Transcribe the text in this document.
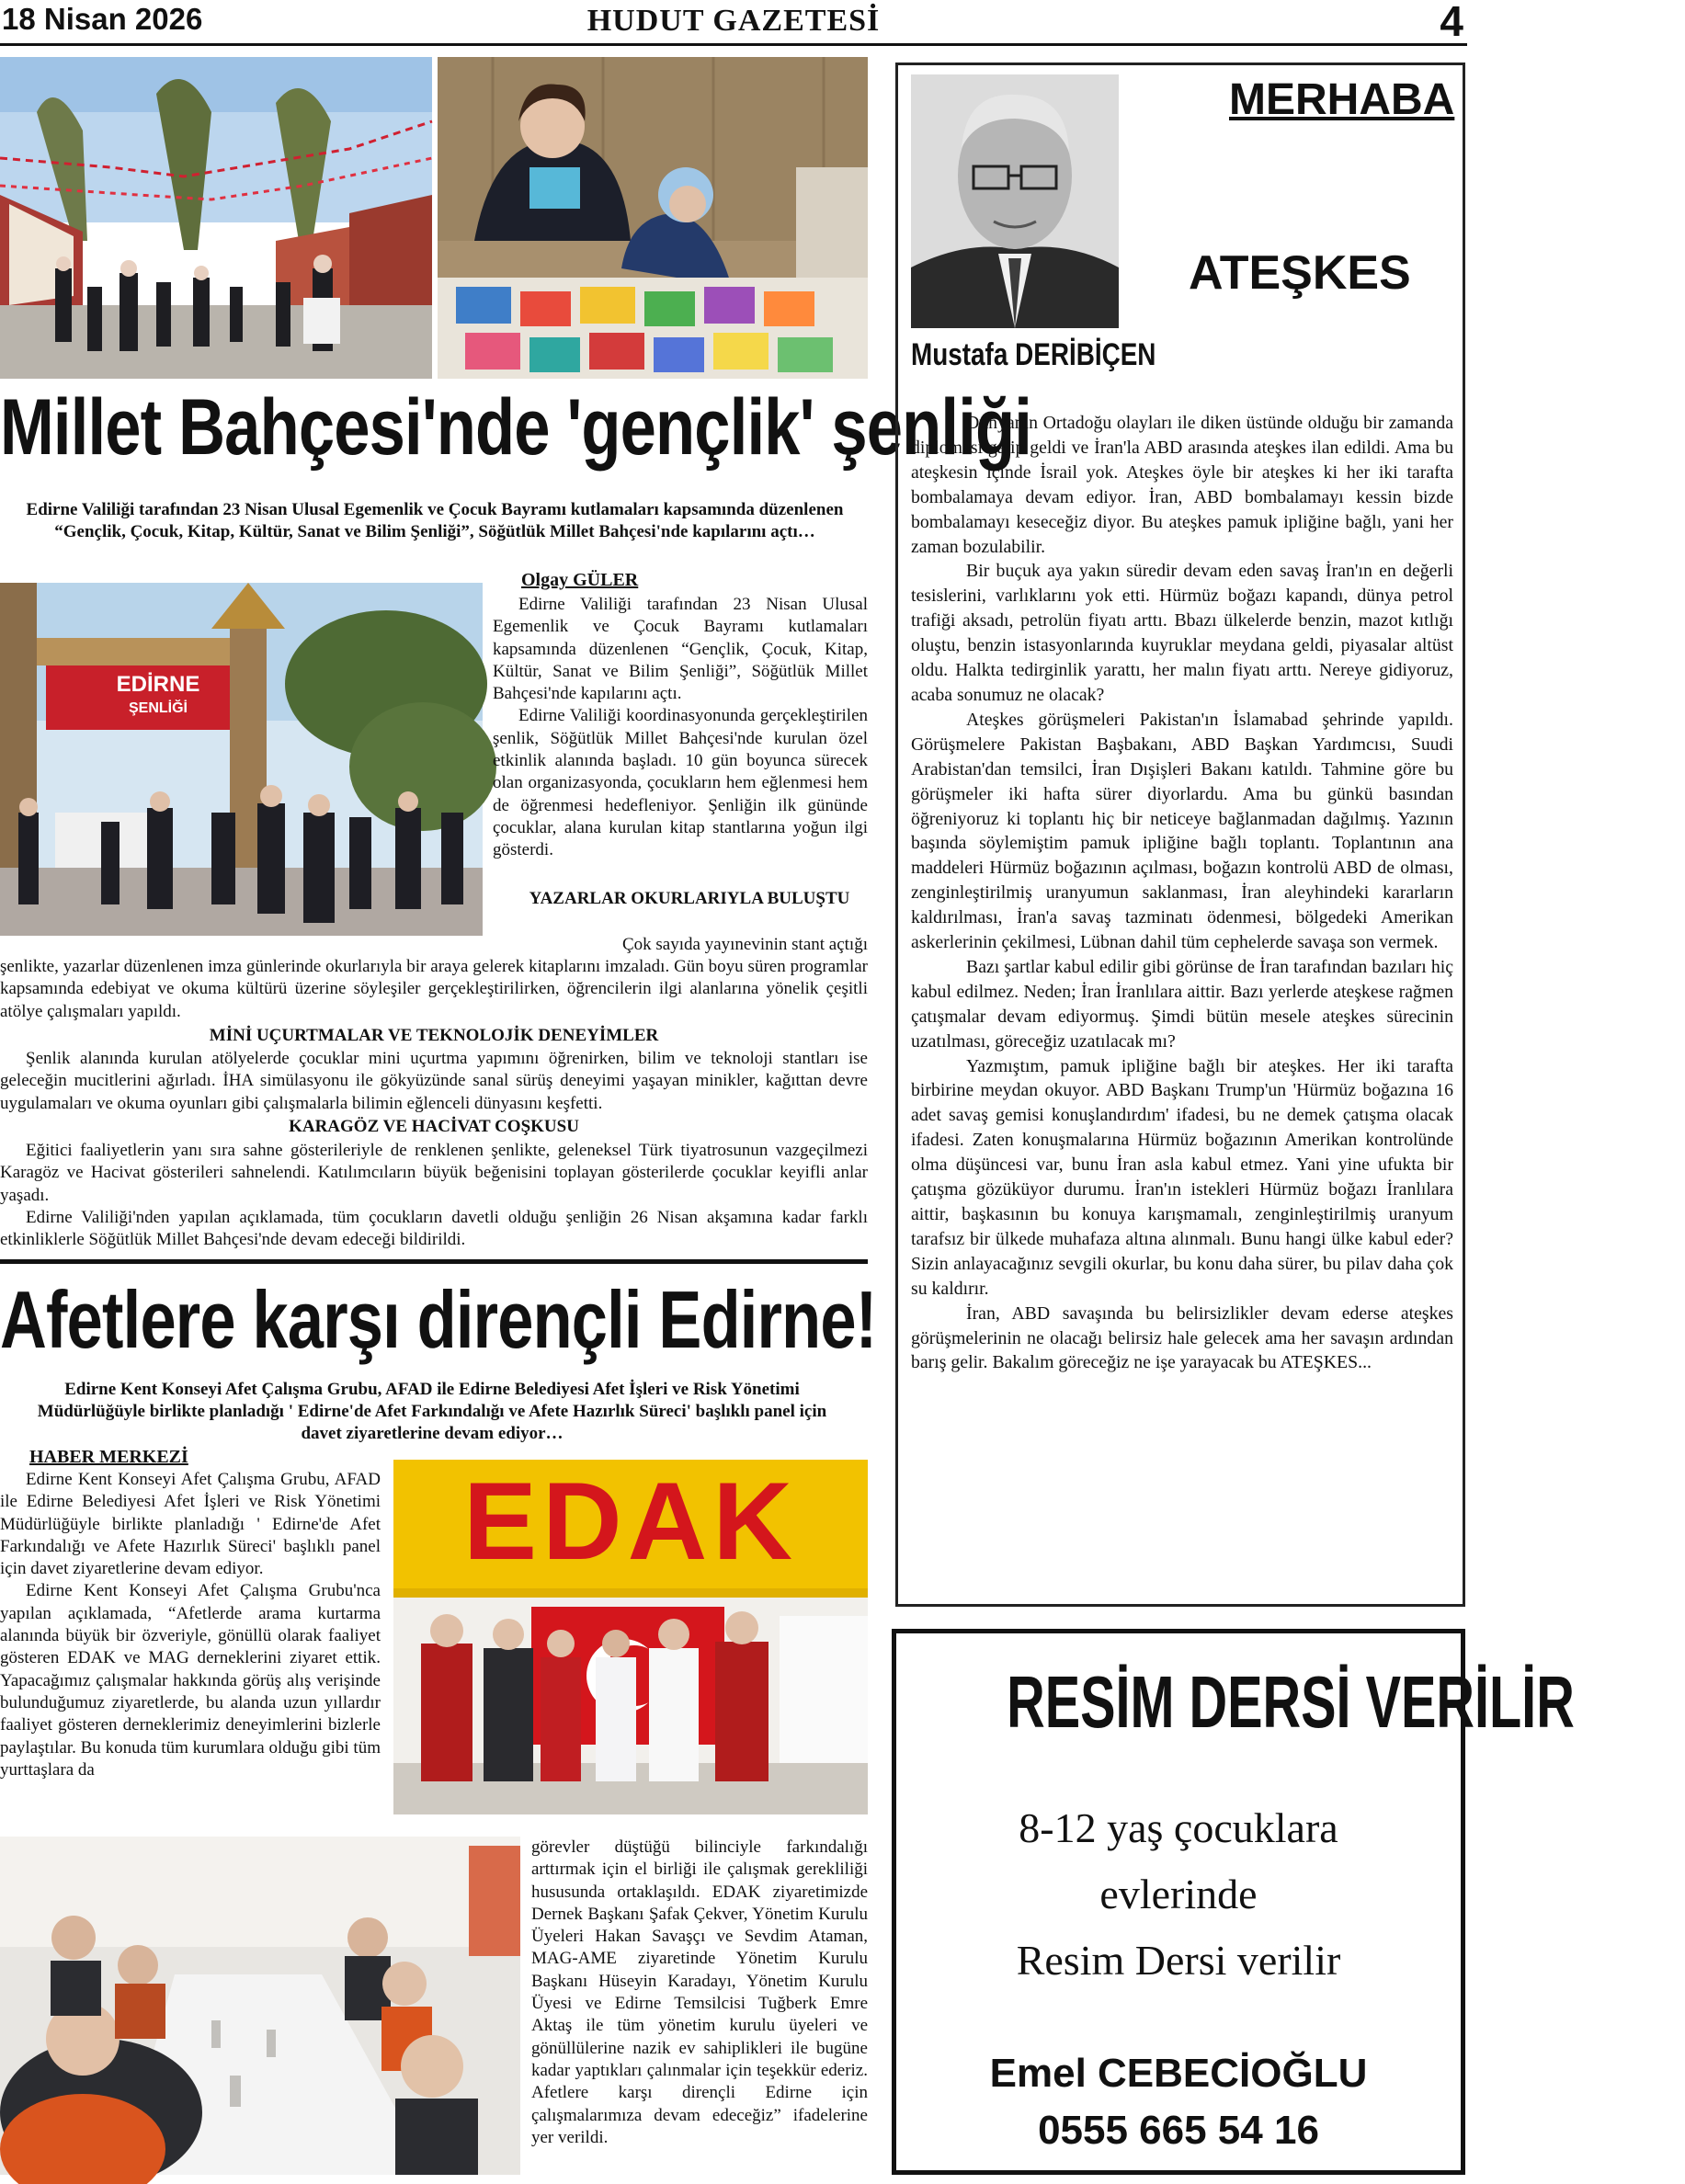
18 Nisan 2026	HUDUT GAZETESİ	4
Millet Bahçesi'nde 'gençlik' şenliği
Edirne Valiliği tarafından 23 Nisan Ulusal Egemenlik ve Çocuk Bayramı kutlamaları kapsamında düzenlenen “Gençlik, Çocuk, Kitap, Kültür, Sanat ve Bilim Şenliği”, Söğütlük Millet Bahçesi'nde kapılarını açtı…
EDİRNE
ŞENLİĞİ
Olgay GÜLER

Edirne Valiliği tarafından 23 Nisan Ulusal Egemenlik ve Çocuk Bayramı kutlamaları kapsamında düzenlenen “Gençlik, Çocuk, Kitap, Kültür, Sanat ve Bilim Şenliği”, Söğütlük Millet Bahçesi'nde kapılarını açtı.

Edirne Valiliği koordinasyonunda gerçekleştirilen şenlik, Söğütlük Millet Bahçesi'nde kurulan özel etkinlik alanında başladı. 10 gün boyunca sürecek olan organizasyonda, çocukların hem eğlenmesi hem de öğrenmesi hedefleniyor. Şenliğin ilk gününde çocuklar, alana kurulan kitap stantlarına yoğun ilgi gösterdi.

YAZARLAR OKURLARIYLA BULUŞTU
Çok sayıda yayınevinin stant açtığı
şenlikte, yazarlar düzenlenen imza günlerinde okurlarıyla bir araya gelerek kitaplarını imzaladı. Gün boyu süren programlar kapsamında edebiyat ve okuma kültürü üzerine söyleşiler gerçekleştirilirken, öğrencilerin ilgi alanlarına yönelik çeşitli atölye çalışmaları yapıldı.
MİNİ UÇURTMALAR VE TEKNOLOJİK DENEYİMLER

Şenlik alanında kurulan atölyelerde çocuklar mini uçurtma yapımını öğrenirken, bilim ve teknoloji stantları ise geleceğin mucitlerini ağırladı. İHA simülasyonu ile gökyüzünde sanal sürüş deneyimi yaşayan minikler, kağıttan devre uygulamaları ve okuma oyunları gibi çalışmalarla bilimin eğlenceli dünyasını keşfetti.

KARAGÖZ VE HACİVAT COŞKUSU

Eğitici faaliyetlerin yanı sıra sahne gösterileriyle de renklenen şenlikte, geleneksel Türk tiyatrosunun vazgeçilmezi Karagöz ve Hacivat gösterileri sahnelendi. Katılımcıların büyük beğenisini toplayan gösterilerde çocuklar keyifli anlar yaşadı.

Edirne Valiliği'nden yapılan açıklamada, tüm çocukların davetli olduğu şenliğin 26 Nisan akşamına kadar farklı etkinliklerle Söğütlük Millet Bahçesi'nde devam edeceği bildirildi.

Afetlere karşı dirençli Edirne!
Edirne Kent Konseyi Afet Çalışma Grubu, AFAD ile Edirne Belediyesi Afet İşleri ve Risk Yönetimi Müdürlüğüyle birlikte planladığı ' Edirne'de Afet Farkındalığı ve Afete Hazırlık Süreci' başlıklı panel için davet ziyaretlerine devam ediyor…
HABER MERKEZİ

Edirne Kent Konseyi Afet Çalışma Grubu, AFAD ile Edirne Belediyesi Afet İşleri ve Risk Yönetimi Müdürlüğüyle birlikte planladığı ' Edirne'de Afet Farkındalığı ve Afete Hazırlık Süreci' başlıklı panel için davet ziyaretlerine devam ediyor.

Edirne Kent Konseyi Afet Çalışma Grubu'nca yapılan açıklamada, “Afetlerde arama kurtarma alanında büyük bir özveriyle, gönüllü olarak faaliyet gösteren EDAK ve MAG derneklerini ziyaret ettik. Yapacağımız çalışmalar hakkında görüş alış verişinde bulunduğumuz ziyaretlerde, bu alanda uzun yıllardır faaliyet gösteren derneklerimiz deneyimlerini bizlerle paylaştılar. Bu konuda tüm kurumlara olduğu gibi tüm yurttaşlara da

EDAK
görevler düştüğü bilinciyle farkındalığı arttırmak için el birliği ile çalışmak gerekliliği hususunda ortaklaşıldı. EDAK ziyaretimizde Dernek Başkanı Şafak Çekver, Yönetim Kurulu Üyeleri Hakan Savaşçı ve Sevdim Ataman, MAG-AME ziyaretinde Yönetim Kurulu Başkanı Hüseyin Karadayı, Yönetim Kurulu Üyesi ve Edirne Temsilcisi Tuğberk Emre Aktaş ile tüm yönetim kurulu üyeleri ve gönüllülerine nazik ev sahiplikleri ile bugüne kadar yaptıkları çalınmalar için teşekkür ederiz. Afetlere karşı dirençli Edirne için çalışmalarımıza devam edeceğiz” ifadelerine yer verildi.
Mustafa DERİBİÇEN
MERHABA
ATEŞKES

Dünyanın Ortadoğu olayları ile diken üstünde olduğu bir zamanda diploması galip geldi ve İran'la ABD arasında ateşkes ilan edildi. Ama bu ateşkesin içinde İsrail yok. Ateşkes öyle bir ateşkes ki her iki tarafta bombalamaya devam ediyor. İran, ABD bombalamayı kessin bizde bombalamayı keseceğiz diyor. Bu ateşkes pamuk ipliğine bağlı, yani her zaman bozulabilir.

Bir buçuk aya yakın süredir devam eden savaş İran'ın en değerli tesislerini, varlıklarını yok etti. Hürmüz boğazı kapandı, dünya petrol trafiği aksadı, petrolün fiyatı arttı. Bbazı ülkelerde benzin, mazot kıtlığı oluştu, benzin istasyonlarında kuyruklar meydana geldi, piyasalar altüst oldu. Halkta tedirginlik yarattı, her malın fiyatı arttı. Nereye gidiyoruz, acaba sonumuz ne olacak?

Ateşkes görüşmeleri Pakistan'ın İslamabad şehrinde yapıldı. Görüşmelere Pakistan Başbakanı, ABD Başkan Yardımcısı, Suudi Arabistan'dan temsilci, İran Dışişleri Bakanı katıldı. Tahmine göre bu görüşmeler iki hafta sürer diyorlardu. Ama bu günkü basından öğreniyoruz ki toplantı hiç bir neticeye bağlanmadan dağılmış. Yazının başında söylemiştim pamuk ipliğine bağlı toplantı. Toplantının ana maddeleri Hürmüz boğazının açılması, boğazın kontrolü ABD de olması, zenginleştirilmiş uranyumun saklanması, İran aleyhindeki kararların kaldırılması, İran'a savaş tazminatı ödenmesi, bölgedeki Amerikan askerlerinin çekilmesi, Lübnan dahil tüm cephelerde savaşa son vermek.

Bazı şartlar kabul edilir gibi görünse de İran tarafından bazıları hiç kabul edilmez. Neden; İran İranlılara aittir. Bazı yerlerde ateşkese rağmen çatışmalar devam ediyormuş. Şimdi bütün mesele ateşkes sürecinin uzatılması, göreceğiz uzatılacak mı?

Yazmıştım, pamuk ipliğine bağlı bir ateşkes. Her iki tarafta birbirine meydan okuyor. ABD Başkanı Trump'un 'Hürmüz boğazına 16 adet savaş gemisi konuşlandırdım' ifadesi, bu ne demek çatışma olacak ifadesi. Zaten konuşmalarına Hürmüz boğazının Amerikan kontrolünde olma düşüncesi var, bunu İran asla kabul etmez. Yani yine ufukta bir çatışma gözüküyor durumu. İran'ın istekleri Hürmüz boğazı İranlılara aittir, başkasının bu konuya karışmamalı, zenginleştirilmiş uranyum tarafsız bir ülkede muhafaza altına alınmalı. Bunu hangi ülke kabul eder? Sizin anlayacağınız sevgili okurlar, bu konu daha sürer, bu pilav daha çok su kaldırır.

İran, ABD savaşında bu belirsizlikler devam ederse ateşkes görüşmelerinin ne olacağı belirsiz hale gelecek ama her savaşın ardından barış gelir. Bakalım göreceğiz ne işe yarayacak bu ATEŞKES...

RESİM DERSİ VERİLİR
8-12 yaş çocuklara
evlerinde
Resim Dersi verilir
Emel CEBECİOĞLU
0555 665 54 16
